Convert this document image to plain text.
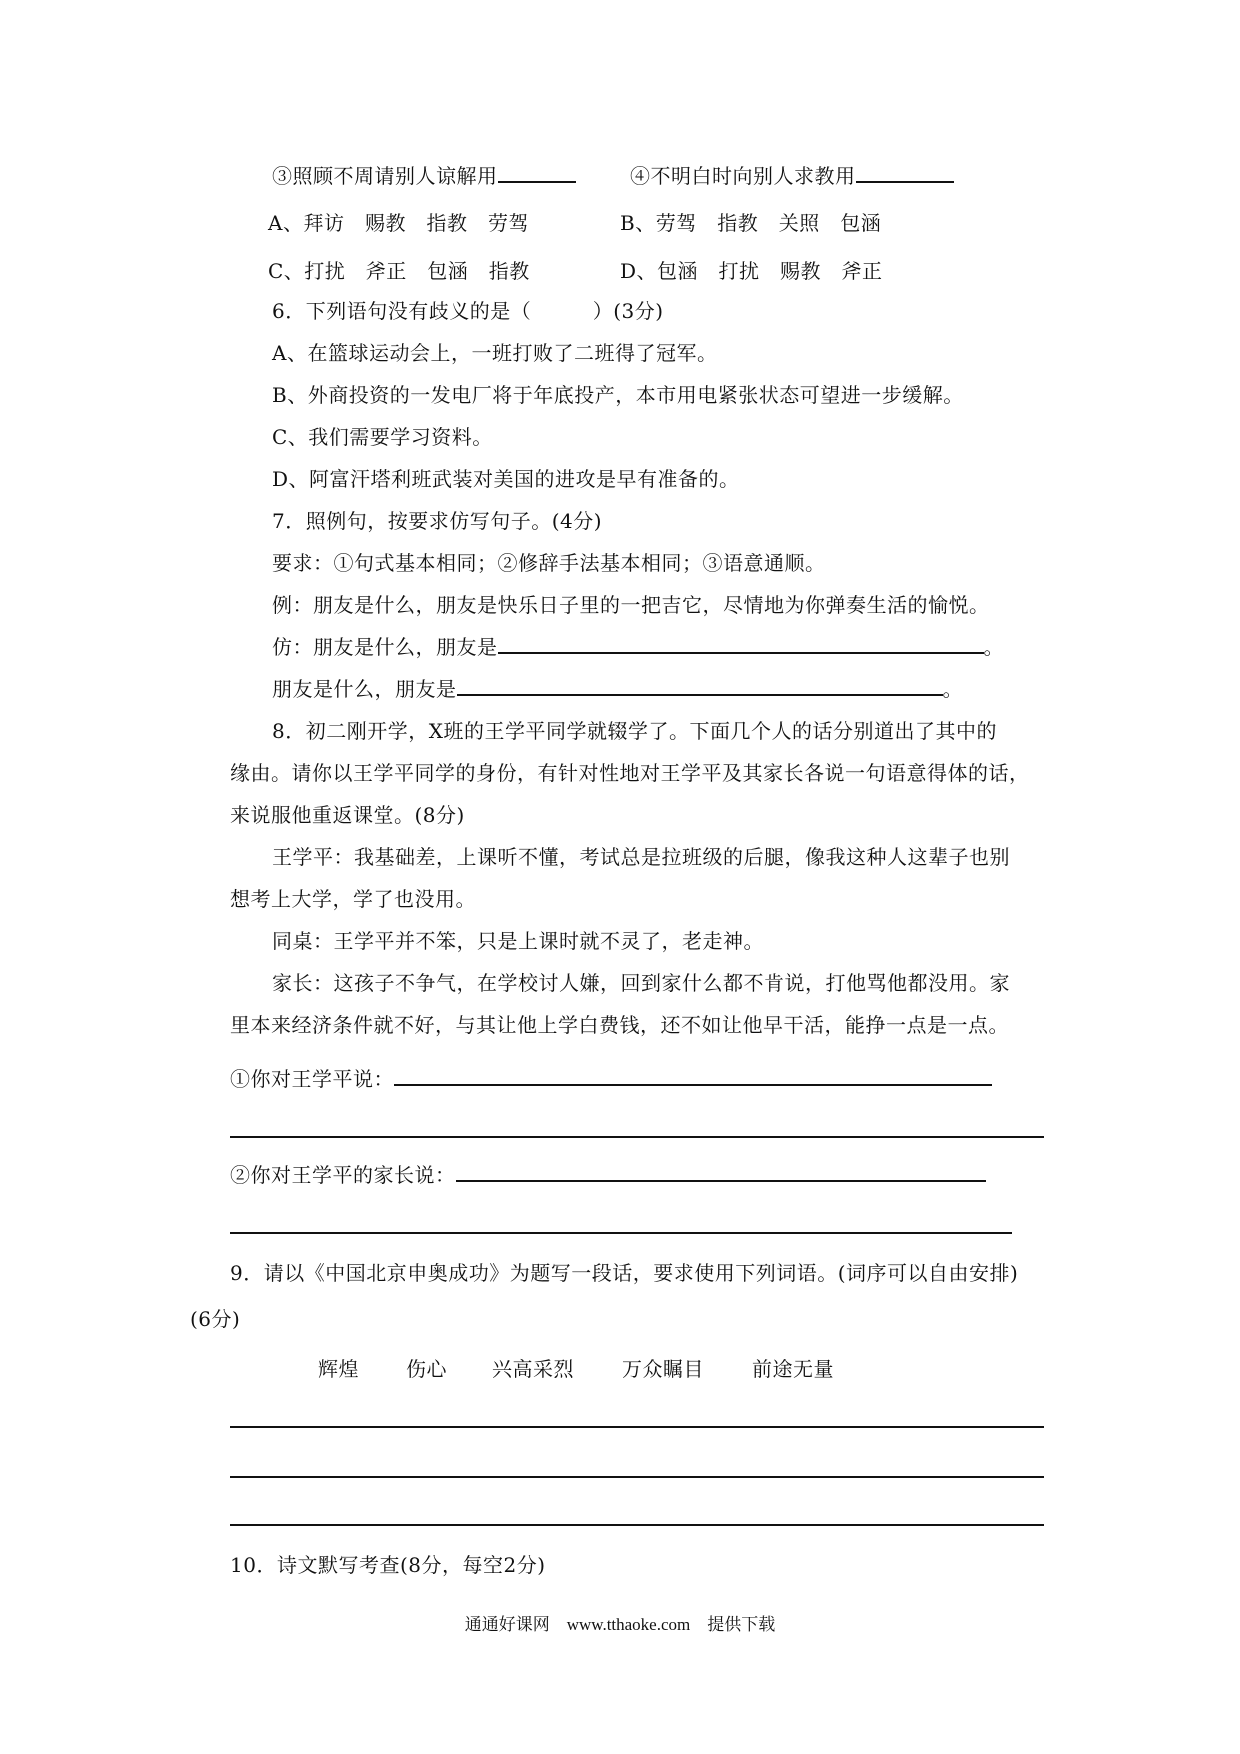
③照顾不周请别人谅解用	④不明白时向别人求教用
A、拜访　赐教　指教　劳驾	B、劳驾　指教　关照　包涵
C、打扰　斧正　包涵　指教	D、包涵　打扰　赐教　斧正
6．下列语句没有歧义的是（　　　）(3分)
A、在篮球运动会上，一班打败了二班得了冠军。
B、外商投资的一发电厂将于年底投产，本市用电紧张状态可望进一步缓解。
C、我们需要学习资料。
D、阿富汗塔利班武装对美国的进攻是早有准备的。
7．照例句，按要求仿写句子。(4分)
要求：①句式基本相同；②修辞手法基本相同；③语意通顺。
例：朋友是什么，朋友是快乐日子里的一把吉它，尽情地为你弹奏生活的愉悦。
仿：朋友是什么，朋友是	。
朋友是什么，朋友是	。
8．初二刚开学，X班的王学平同学就辍学了。下面几个人的话分别道出了其中的
缘由。请你以王学平同学的身份，有针对性地对王学平及其家长各说一句语意得体的话，
来说服他重返课堂。(8分)
王学平：我基础差，上课听不懂，考试总是拉班级的后腿，像我这种人这辈子也别
想考上大学，学了也没用。
同桌：王学平并不笨，只是上课时就不灵了，老走神。
家长：这孩子不争气，在学校讨人嫌，回到家什么都不肯说，打他骂他都没用。家
里本来经济条件就不好，与其让他上学白费钱，还不如让他早干活，能挣一点是一点。
①你对王学平说：
②你对王学平的家长说：
9．请以《中国北京申奥成功》为题写一段话，要求使用下列词语。(词序可以自由安排)
(6分)
辉煌 伤心 兴高采烈 万众瞩目 前途无量
10．诗文默写考查(8分，每空2分)
通通好课网　www.tthaoke.com　提供下载
